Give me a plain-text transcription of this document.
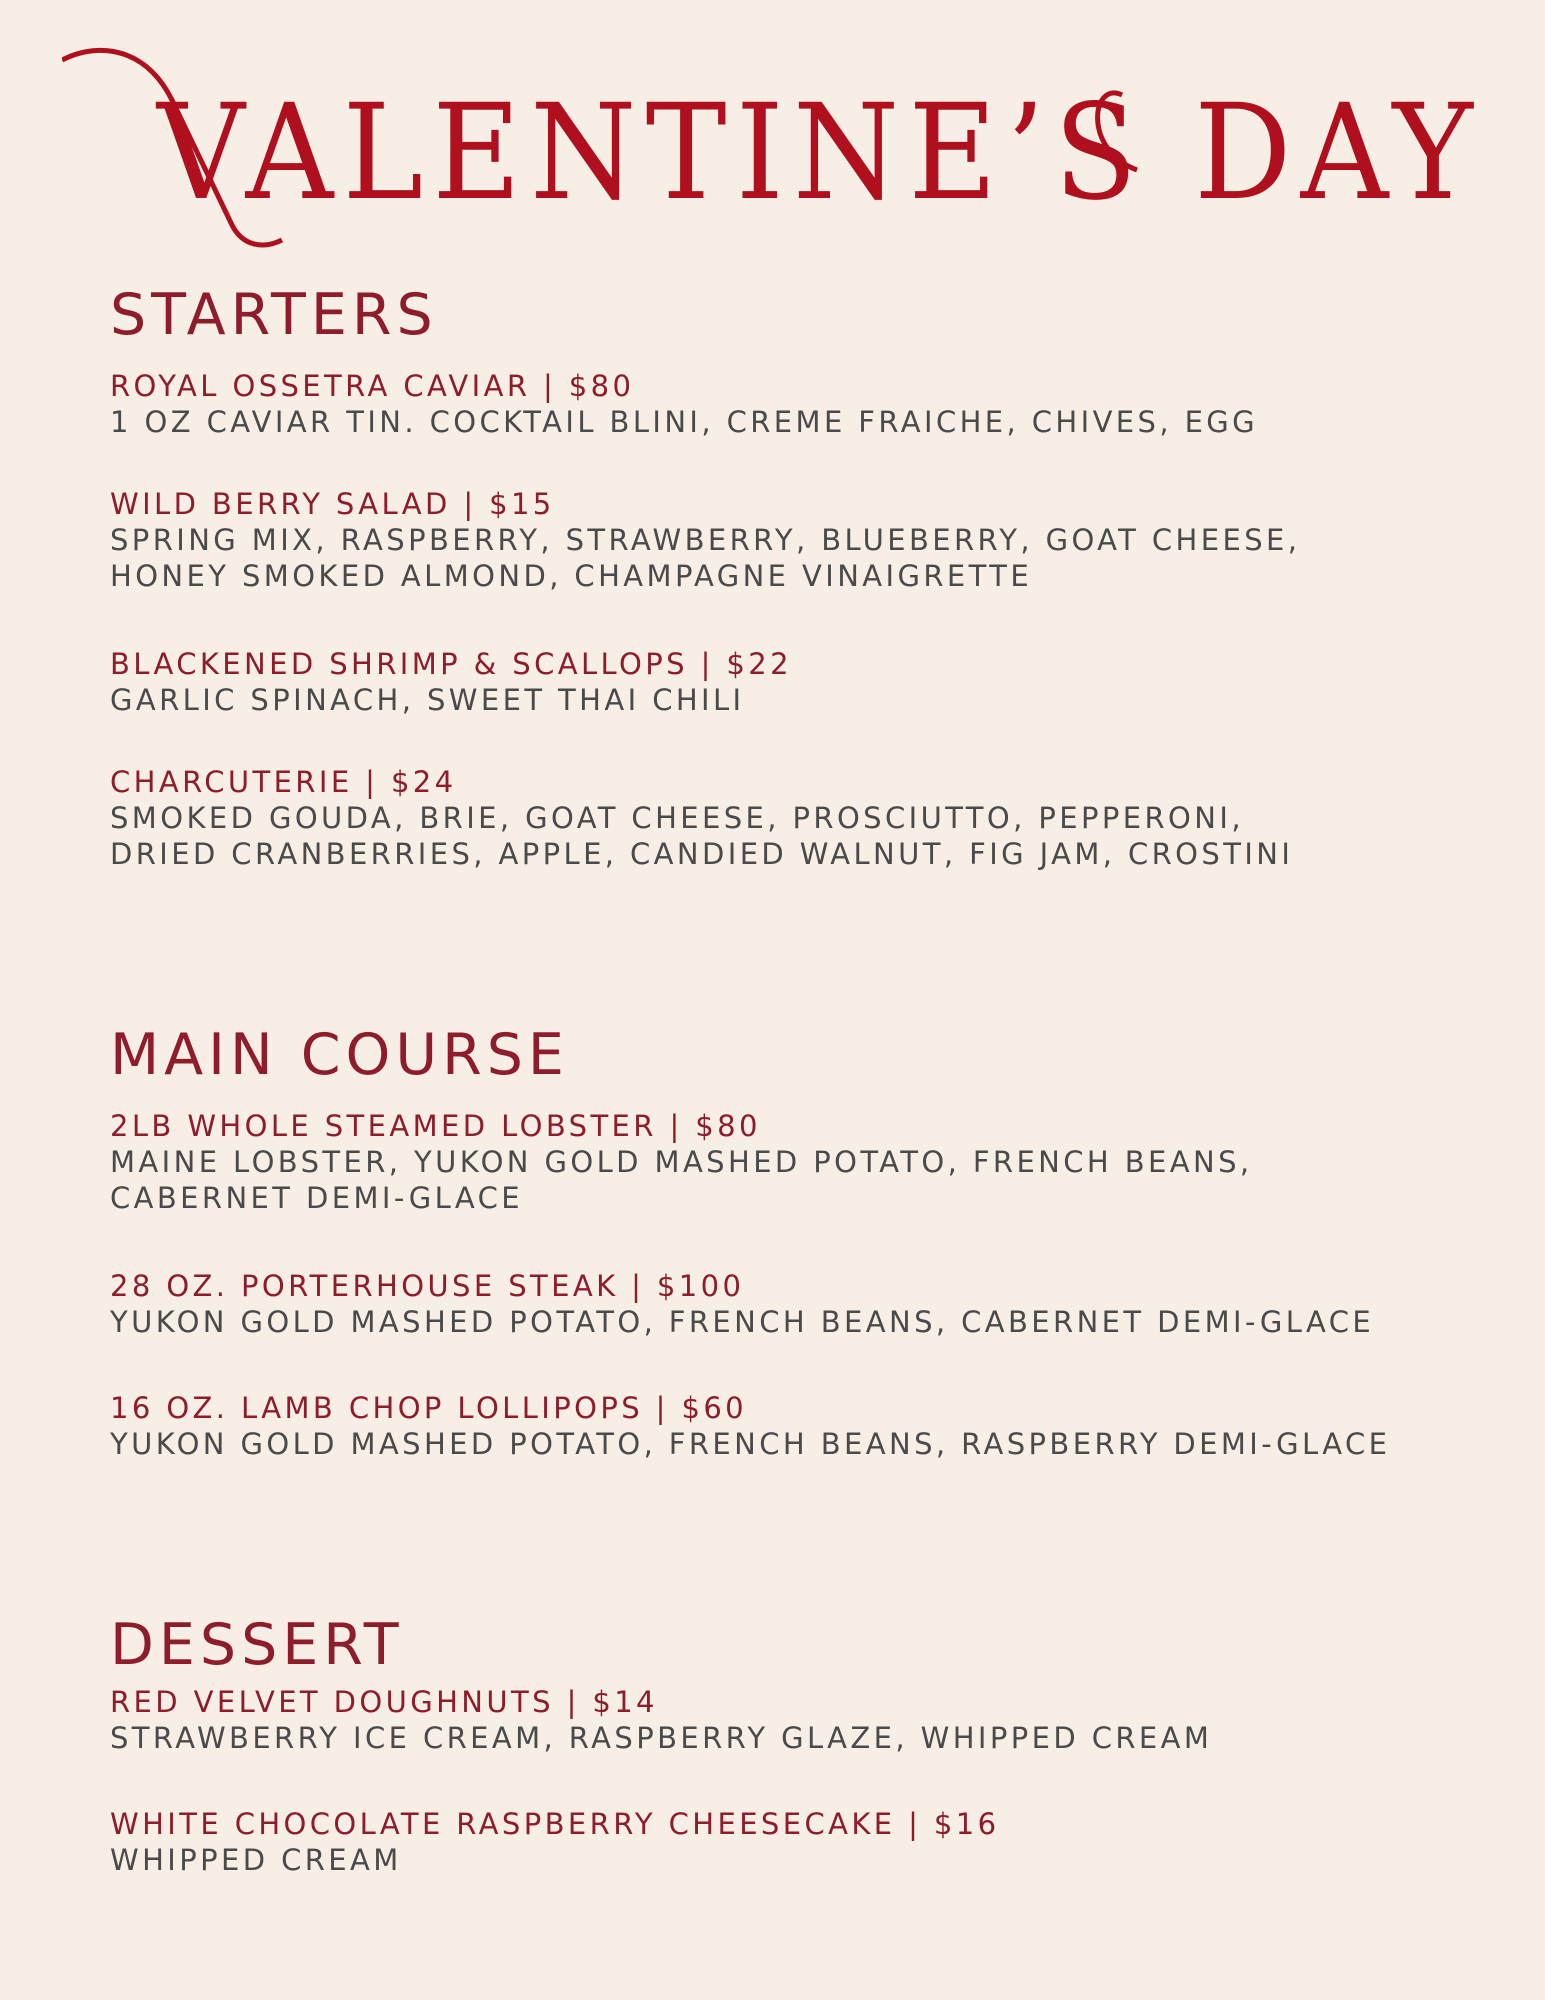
VALENTINE’S DAY
STARTERS
ROYAL OSSETRA CAVIAR | $80
1 OZ CAVIAR TIN. COCKTAIL BLINI, CREME FRAICHE, CHIVES, EGG
WILD BERRY SALAD | $15
SPRING MIX, RASPBERRY, STRAWBERRY, BLUEBERRY, GOAT CHEESE,
HONEY SMOKED ALMOND, CHAMPAGNE VINAIGRETTE
BLACKENED SHRIMP & SCALLOPS | $22
GARLIC SPINACH, SWEET THAI CHILI
CHARCUTERIE | $24
SMOKED GOUDA, BRIE, GOAT CHEESE, PROSCIUTTO, PEPPERONI,
DRIED CRANBERRIES, APPLE, CANDIED WALNUT, FIG JAM, CROSTINI
MAIN COURSE
2LB WHOLE STEAMED LOBSTER | $80
MAINE LOBSTER, YUKON GOLD MASHED POTATO, FRENCH BEANS,
CABERNET DEMI-GLACE
28 OZ. PORTERHOUSE STEAK | $100
YUKON GOLD MASHED POTATO, FRENCH BEANS, CABERNET DEMI-GLACE
16 OZ. LAMB CHOP LOLLIPOPS | $60
YUKON GOLD MASHED POTATO, FRENCH BEANS, RASPBERRY DEMI-GLACE
DESSERT
RED VELVET DOUGHNUTS | $14
STRAWBERRY ICE CREAM, RASPBERRY GLAZE, WHIPPED CREAM
WHITE CHOCOLATE RASPBERRY CHEESECAKE | $16
WHIPPED CREAM
